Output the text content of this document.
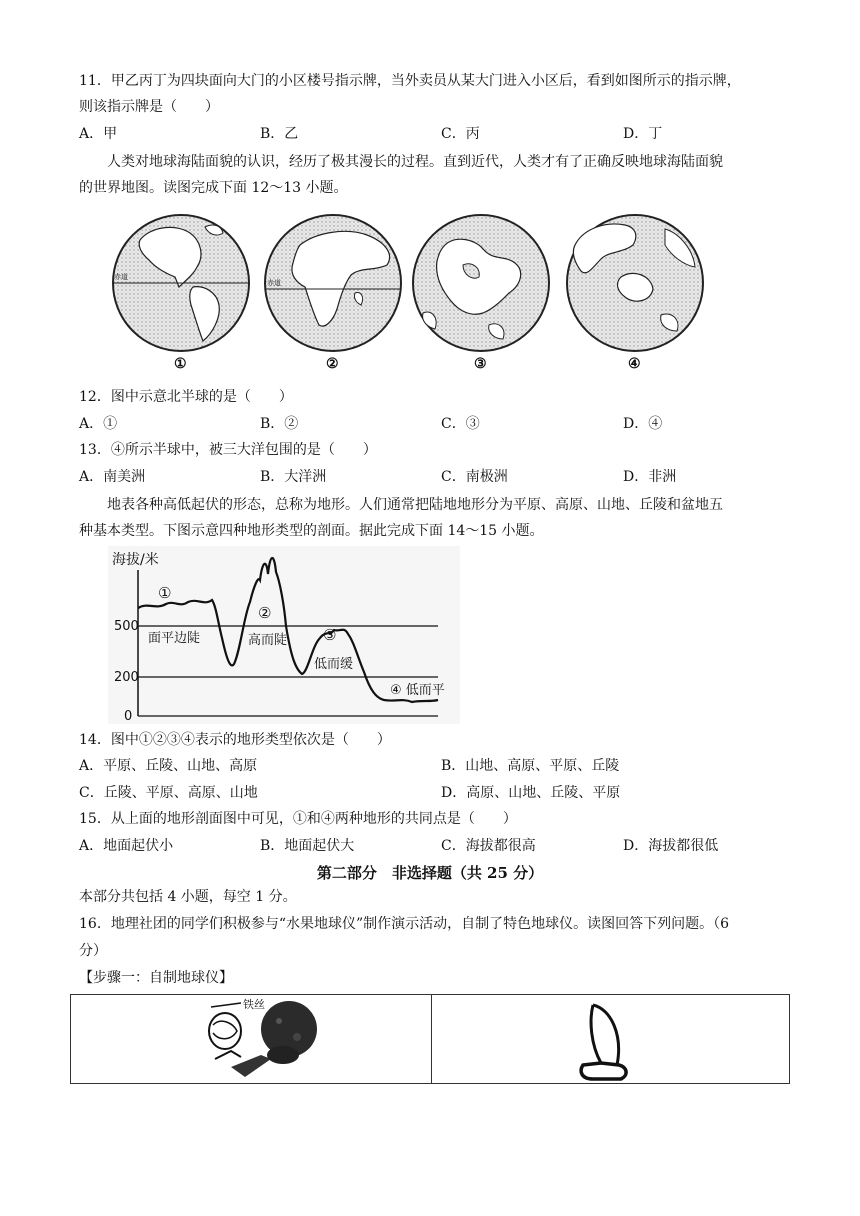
11．甲乙丙丁为四块面向大门的小区楼号指示牌，当外卖员从某大门进入小区后，看到如图所示的指示牌，
则该指示牌是（　　）
A．甲	B．乙	C．丙	D．丁
人类对地球海陆面貌的认识，经历了极其漫长的过程。直到近代，人类才有了正确反映地球海陆面貌
的世界地图。读图完成下面 12～13 小题。
赤道
赤道
①	②	③	④
12．图中示意北半球的是（　　）
A．①	B．②	C．③	D．④
13．④所示半球中，被三大洋包围的是（　　）
A．南美洲	B．大洋洲	C．南极洲	D．非洲
地表各种高低起伏的形态，总称为地形。人们通常把陆地地形分为平原、高原、山地、丘陵和盆地五
种基本类型。下图示意四种地形类型的剖面。据此完成下面 14～15 小题。
海拔/米
500
200
0
①
面平边陡
②
高而陡 ③
低而缓
④ 低而平
14．图中①②③④表示的地形类型依次是（　　）
A．平原、丘陵、山地、高原	B．山地、高原、平原、丘陵
C．丘陵、平原、高原、山地	D．高原、山地、丘陵、平原
15．从上面的地形剖面图中可见，①和④两种地形的共同点是（　　）
A．地面起伏小	B．地面起伏大	C．海拔都很高	D．海拔都很低
第二部分　非选择题（共 25 分）
本部分共包括 4 小题，每空 1 分。
16．地理社团的同学们积极参与“水果地球仪”制作演示活动，自制了特色地球仪。读图回答下列问题。（6
分）
【步骤一：自制地球仪】
铁丝
